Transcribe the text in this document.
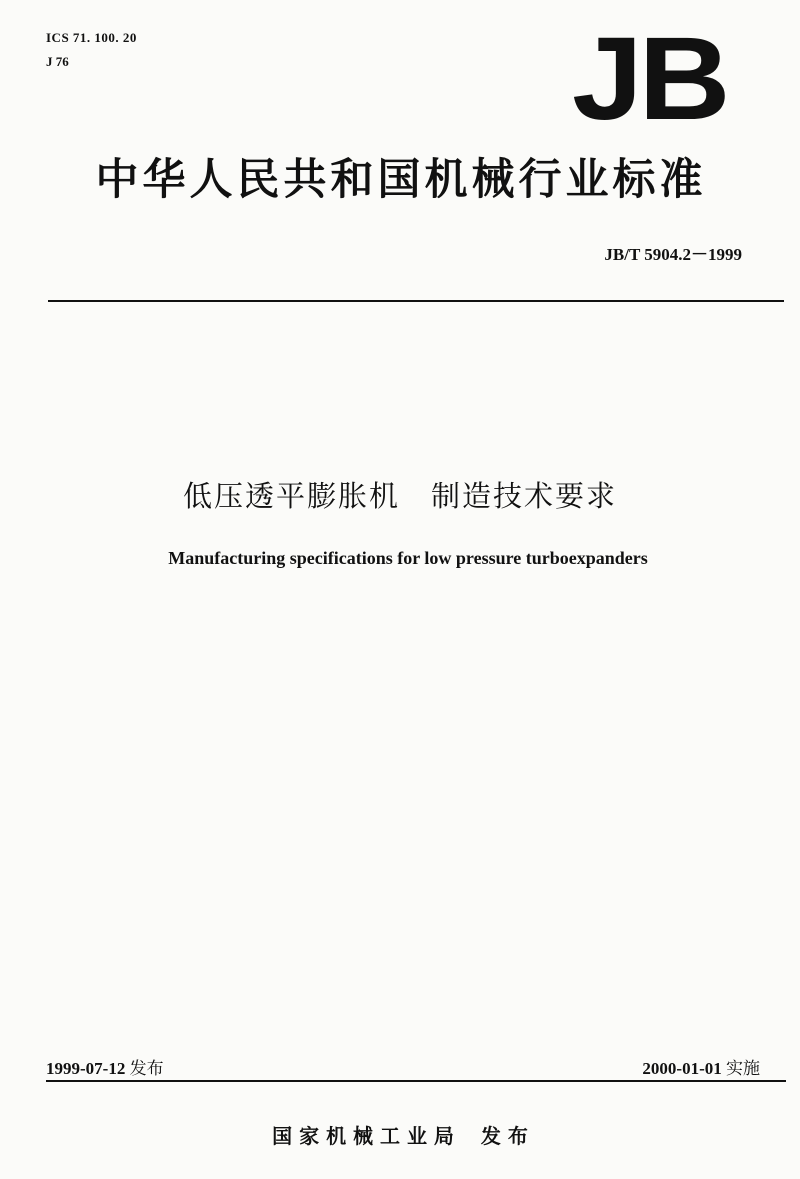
ICS 71. 100. 20
J 76	JB
中华人民共和国机械行业标准
JB/T 5904.2－1999
低压透平膨胀机　制造技术要求
Manufacturing specifications for low pressure turboexpanders
1999-07-12 发布	2000-01-01 实施
国 家 机 械 工 业 局　 发 布
